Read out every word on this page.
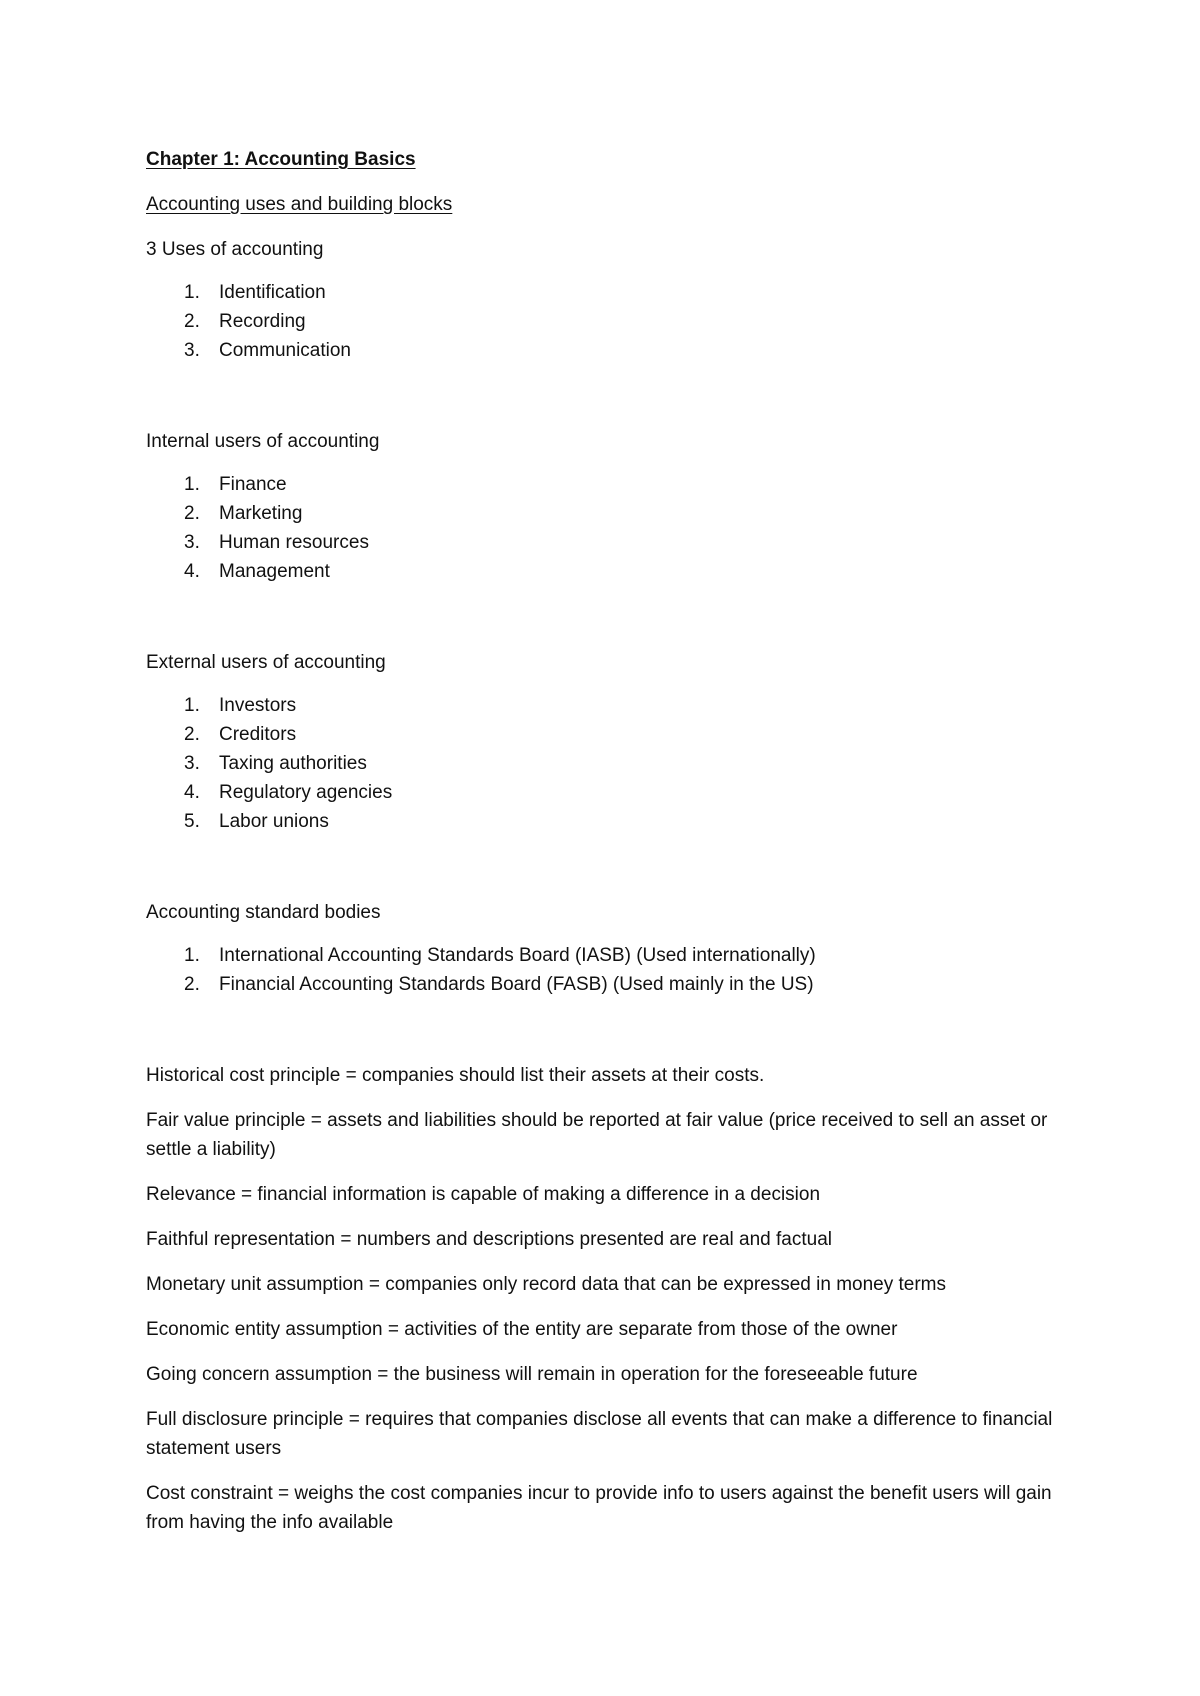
Chapter 1: Accounting Basics

Accounting uses and building blocks

3 Uses of accounting

1.	Identification
2.	Recording
3.	Communication

Internal users of accounting

1.	Finance
2.	Marketing
3.	Human resources
4.	Management

External users of accounting

1.	Investors
2.	Creditors
3.	Taxing authorities
4.	Regulatory agencies
5.	Labor unions

Accounting standard bodies

1.	International Accounting Standards Board (IASB) (Used internationally)
2.	Financial Accounting Standards Board (FASB) (Used mainly in the US)

Historical cost principle = companies should list their assets at their costs.

Fair value principle = assets and liabilities should be reported at fair value (price received to sell an asset or settle a liability)

Relevance = financial information is capable of making a difference in a decision

Faithful representation = numbers and descriptions presented are real and factual

Monetary unit assumption = companies only record data that can be expressed in money terms

Economic entity assumption = activities of the entity are separate from those of the owner

Going concern assumption = the business will remain in operation for the foreseeable future

Full disclosure principle = requires that companies disclose all events that can make a difference to financial statement users

Cost constraint = weighs the cost companies incur to provide info to users against the benefit users will gain from having the info available
